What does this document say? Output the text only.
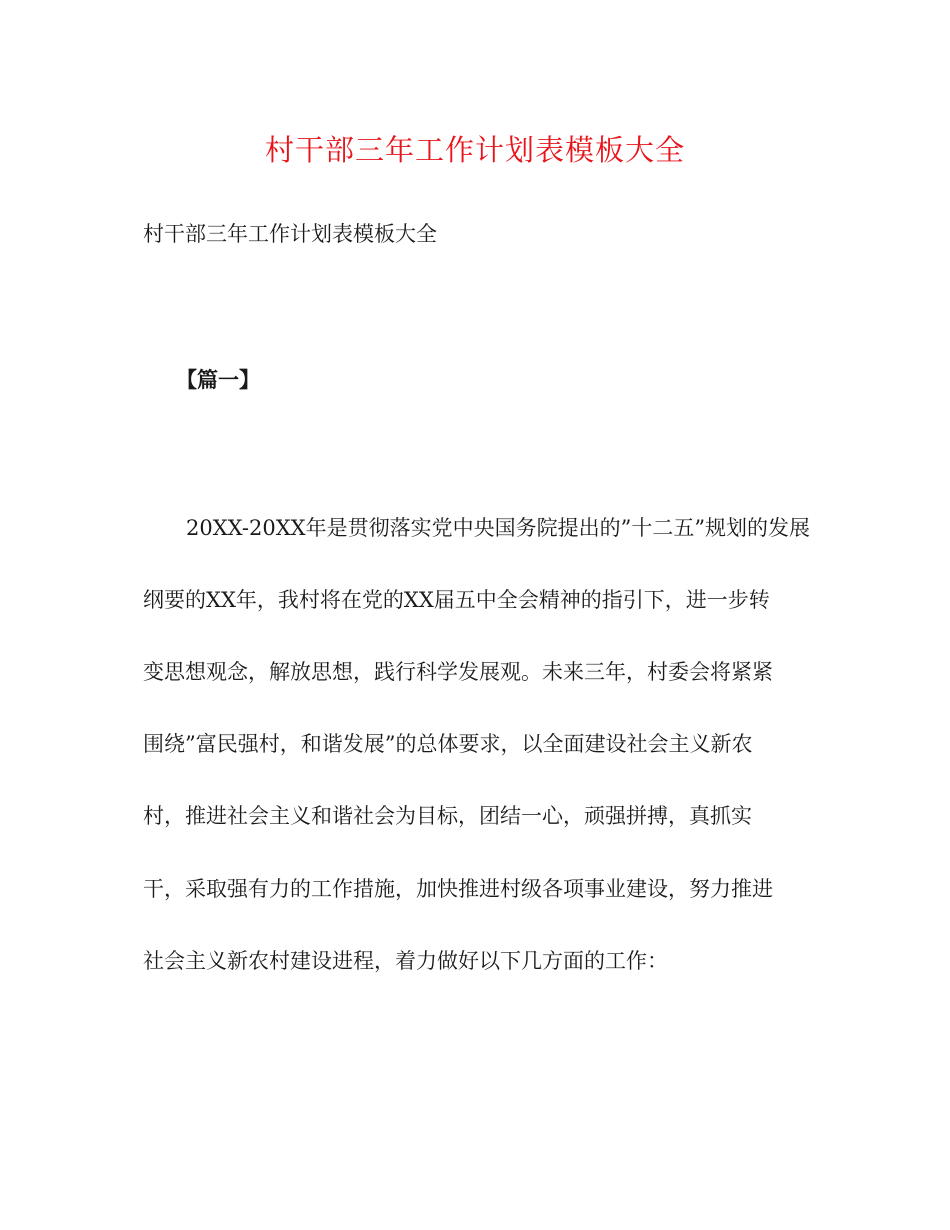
村干部三年工作计划表模板大全
村干部三年工作计划表模板大全
【篇一】
20XX-20XX年是贯彻落实党中央国务院提出的”十二五”规划的发展
纲要的XX年，我村将在党的XX届五中全会精神的指引下，进一步转
变思想观念，解放思想，践行科学发展观。未来三年，村委会将紧紧
围绕”富民强村，和谐发展”的总体要求，以全面建设社会主义新农
村，推进社会主义和谐社会为目标，团结一心，顽强拼搏，真抓实
干，采取强有力的工作措施，加快推进村级各项事业建设，努力推进
社会主义新农村建设进程，着力做好以下几方面的工作：
